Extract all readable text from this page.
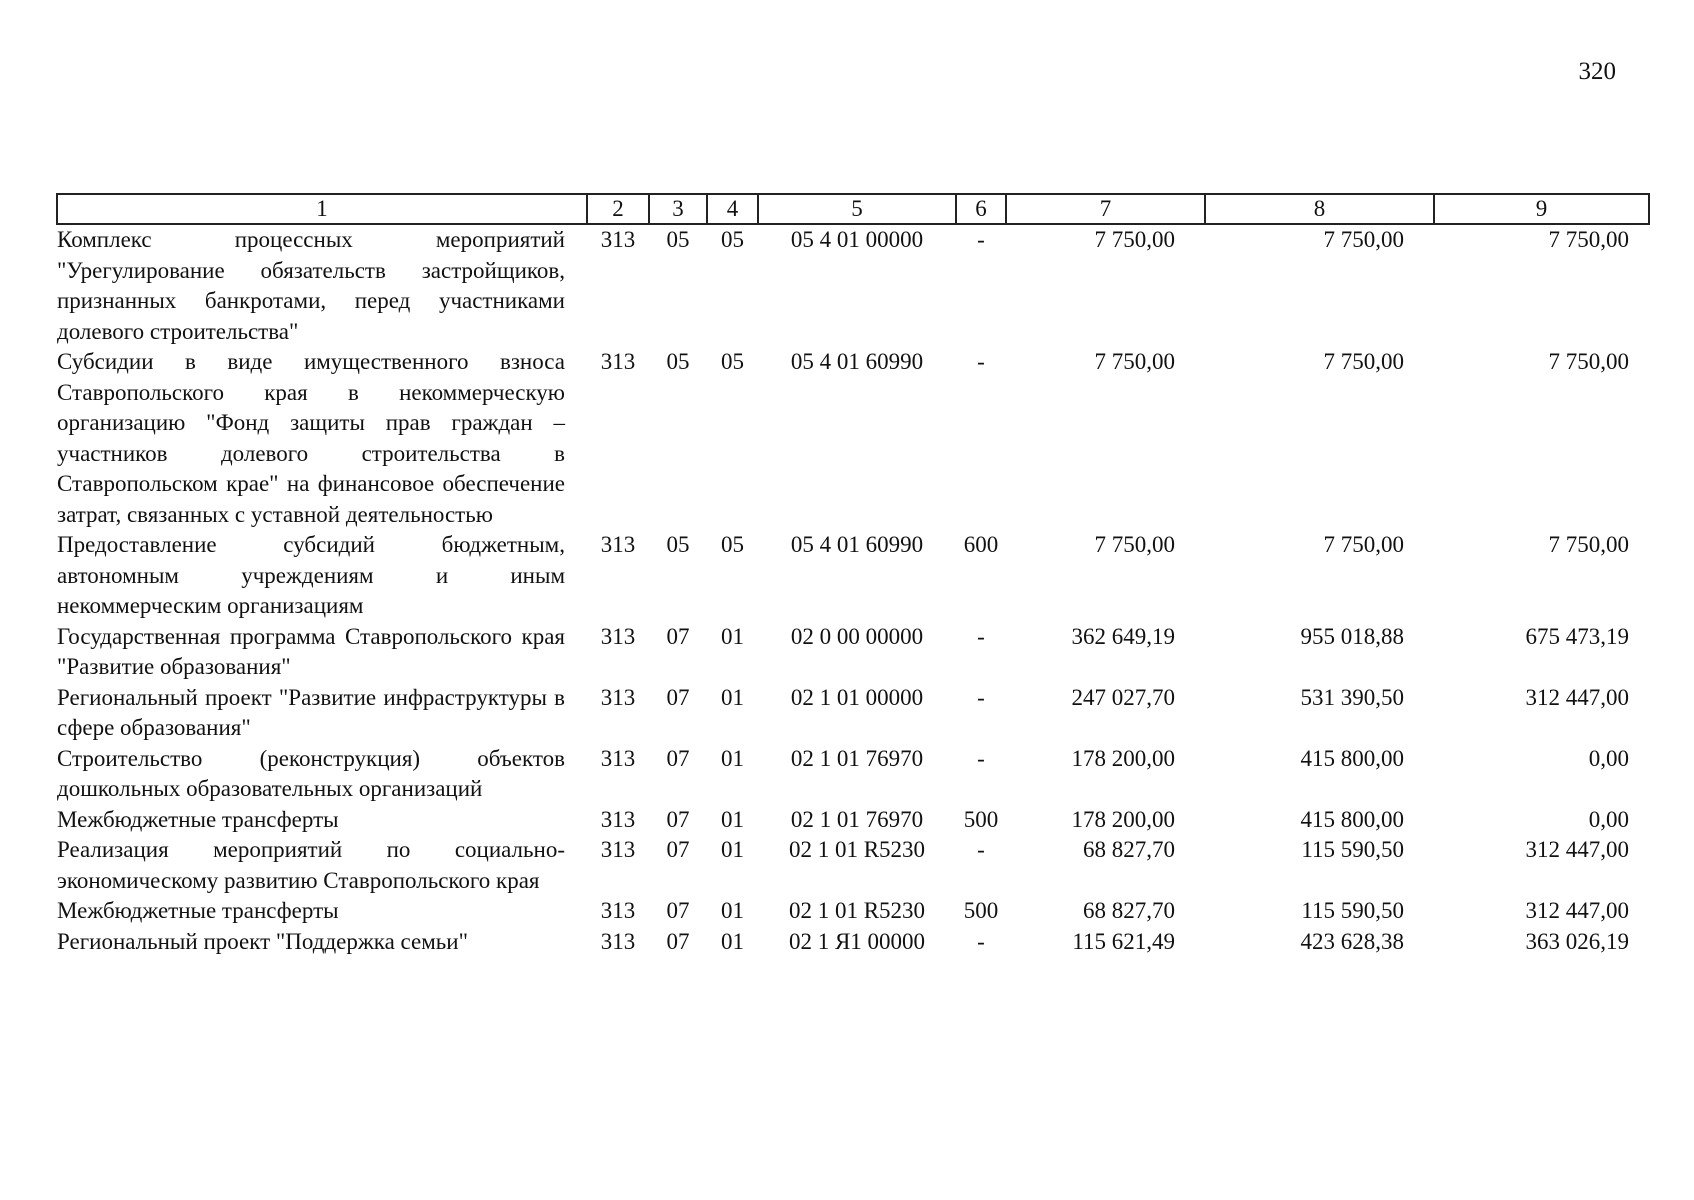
320
1	2	3	4	5	6	7	8	9
Комплекс процессных мероприятий "Урегулирование обязательств застройщиков, признанных банкротами, перед участниками долевого строительства"	313	05	05	05 4 01 00000	-	7 750,00	7 750,00	7 750,00
Субсидии в виде имущественного взноса Ставропольского края в некоммерческую организацию "Фонд защиты прав граждан – участников долевого строительства в Ставропольском крае" на финансовое обеспечение затрат, связанных с уставной деятельностью	313	05	05	05 4 01 60990	-	7 750,00	7 750,00	7 750,00
Предоставление субсидий бюджетным, автономным учреждениям и иным некоммерческим организациям	313	05	05	05 4 01 60990	600	7 750,00	7 750,00	7 750,00
Государственная программа Ставропольского края "Развитие образования"	313	07	01	02 0 00 00000	-	362 649,19	955 018,88	675 473,19
Региональный проект "Развитие инфраструктуры в сфере образования"	313	07	01	02 1 01 00000	-	247 027,70	531 390,50	312 447,00
Строительство (реконструкция) объектов дошкольных образовательных организаций	313	07	01	02 1 01 76970	-	178 200,00	415 800,00	0,00
Межбюджетные трансферты	313	07	01	02 1 01 76970	500	178 200,00	415 800,00	0,00
Реализация мероприятий по социально-экономическому развитию Ставропольского края	313	07	01	02 1 01 R5230	-	68 827,70	115 590,50	312 447,00
Межбюджетные трансферты	313	07	01	02 1 01 R5230	500	68 827,70	115 590,50	312 447,00
Региональный проект "Поддержка семьи"	313	07	01	02 1 Я1 00000	-	115 621,49	423 628,38	363 026,19
